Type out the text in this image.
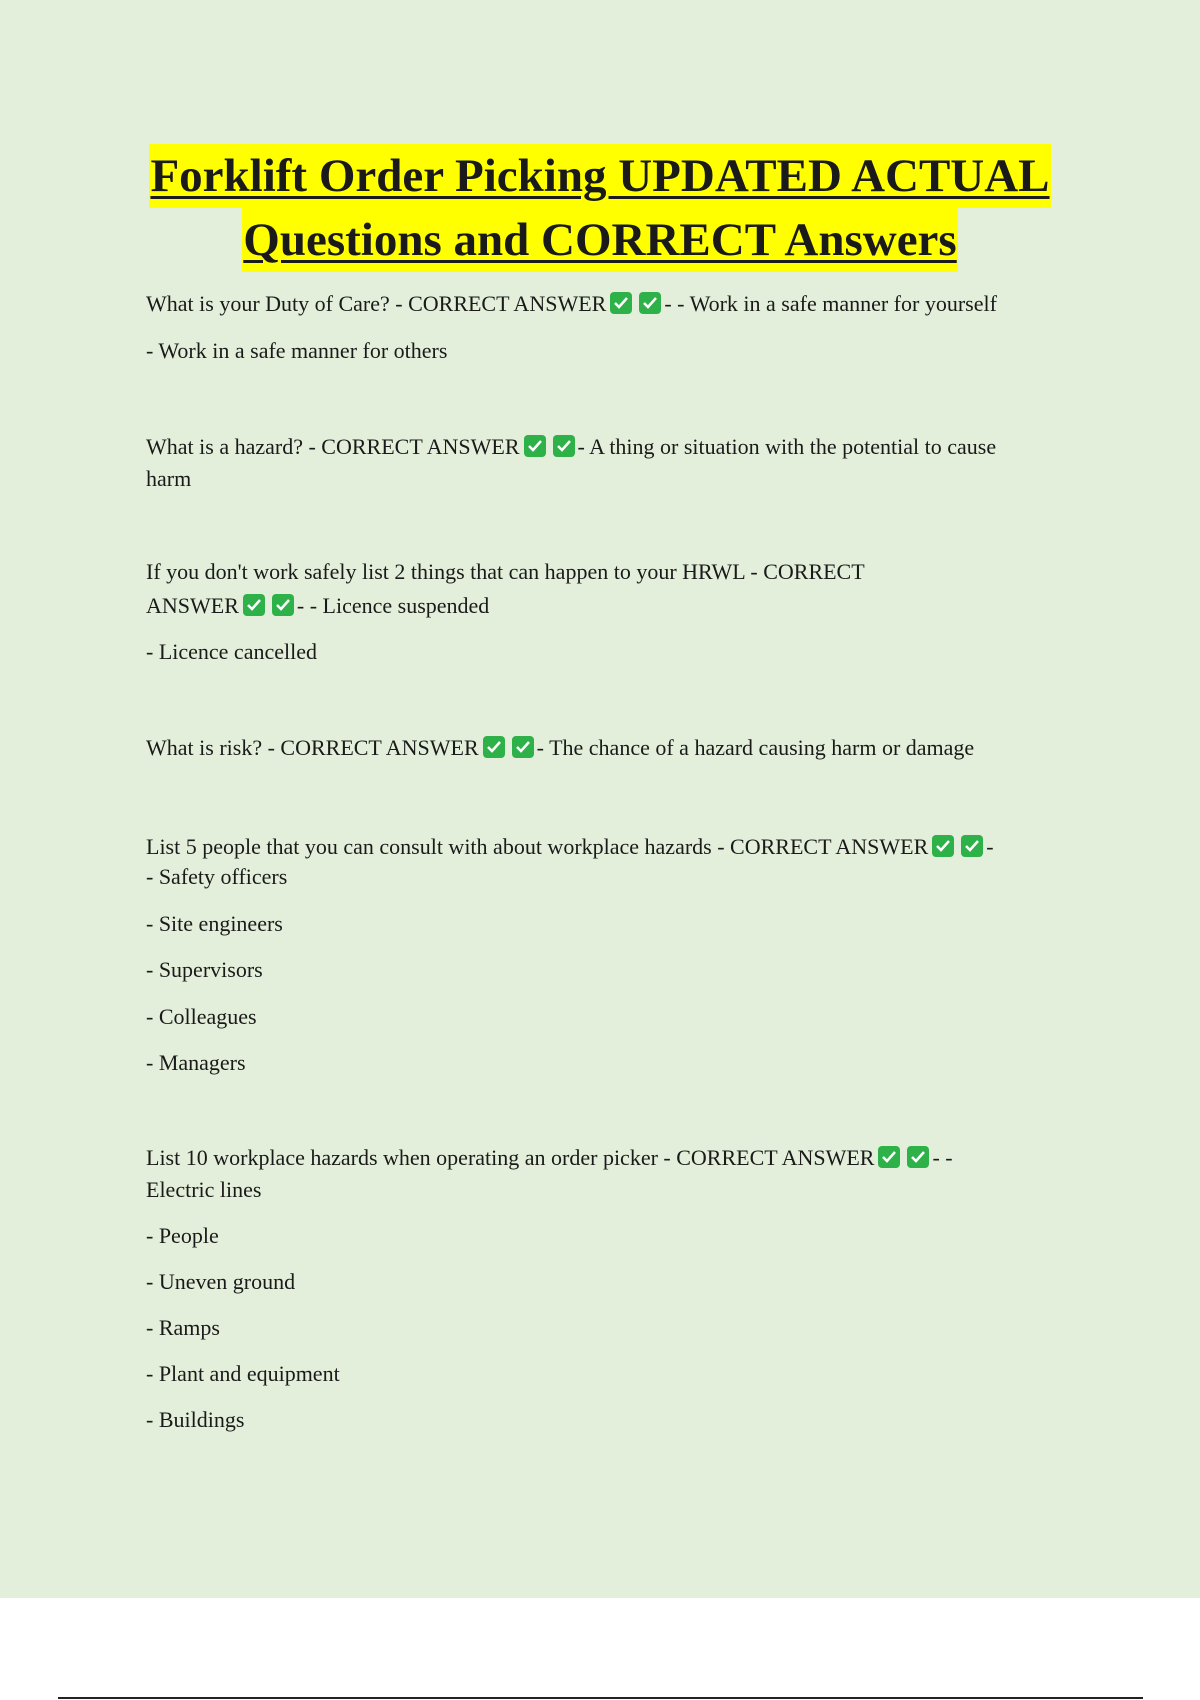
Forklift Order Picking UPDATED ACTUAL
Questions and CORRECT Answers
What is your Duty of Care? - CORRECT ANSWER	- - Work in a safe manner for yourself
- Work in a safe manner for others
What is a hazard? - CORRECT ANSWER	- A thing or situation with the potential to cause
harm
If you don't work safely list 2 things that can happen to your HRWL - CORRECT
ANSWER	- - Licence suspended
- Licence cancelled
What is risk? - CORRECT ANSWER	- The chance of a hazard causing harm or damage
List 5 people that you can consult with about workplace hazards - CORRECT ANSWER	-
- Safety officers
- Site engineers
- Supervisors
- Colleagues
- Managers
List 10 workplace hazards when operating an order picker - CORRECT ANSWER	- -
Electric lines
- People
- Uneven ground
- Ramps
- Plant and equipment
- Buildings
